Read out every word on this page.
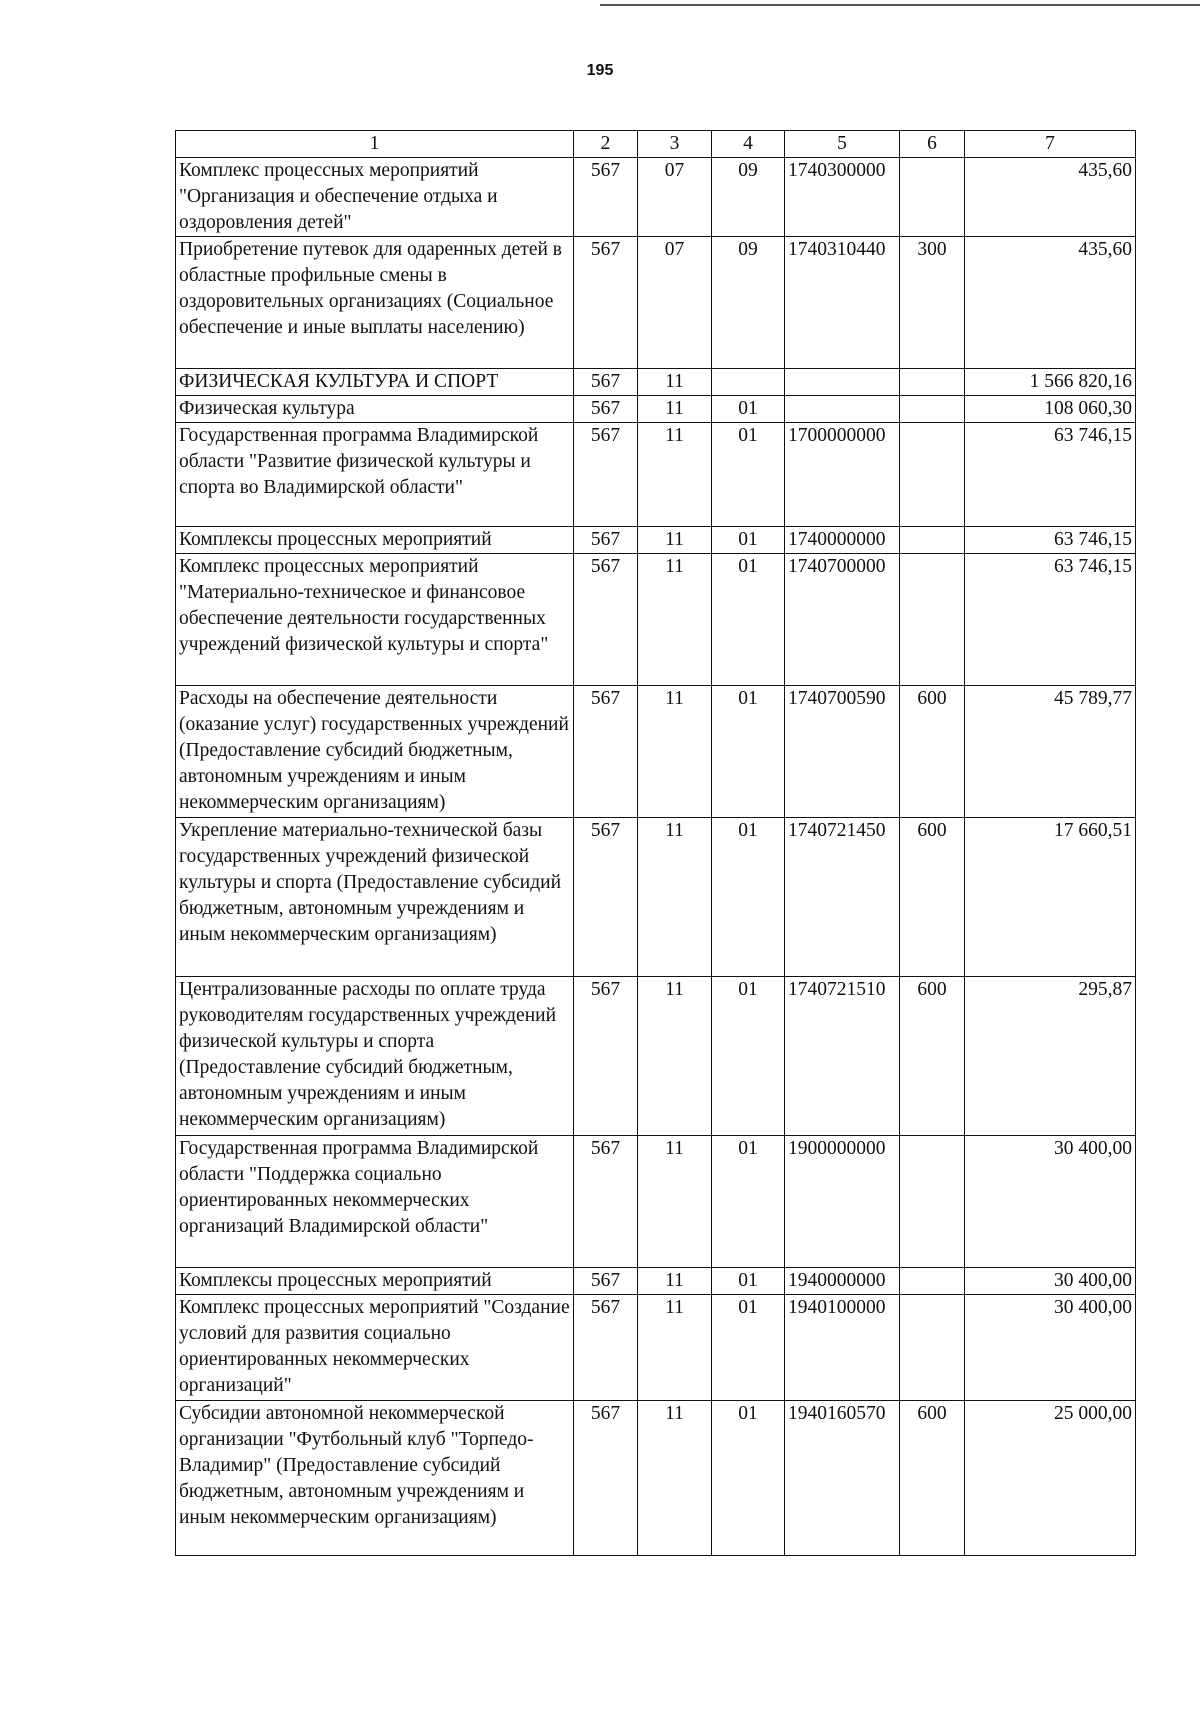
195
1	2	3	4	5	6	7
Комплекс процессных мероприятий "Организация и обеспечение отдыха и оздоровления детей"	567	07	09	1740300000		435,60
Приобретение путевок для одаренных детей в областные профильные смены в оздоровительных организациях (Социальное обеспечение и иные выплаты населению)	567	07	09	1740310440	300	435,60
ФИЗИЧЕСКАЯ КУЛЬТУРА И СПОРТ	567	11				1 566 820,16
Физическая культура	567	11	01			108 060,30
Государственная программа Владимирской области "Развитие физической культуры и спорта во Владимирской области"	567	11	01	1700000000		63 746,15
Комплексы процессных мероприятий	567	11	01	1740000000		63 746,15
Комплекс процессных мероприятий "Материально-техническое и финансовое обеспечение деятельности государственных учреждений физической культуры и спорта"	567	11	01	1740700000		63 746,15
Расходы на обеспечение деятельности (оказание услуг) государственных учреждений (Предоставление субсидий бюджетным, автономным учреждениям и иным некоммерческим организациям)	567	11	01	1740700590	600	45 789,77
Укрепление материально-технической базы государственных учреждений физической культуры и спорта (Предоставление субсидий бюджетным, автономным учреждениям и иным некоммерческим организациям)	567	11	01	1740721450	600	17 660,51
Централизованные расходы по оплате труда руководителям государственных учреждений физической культуры и спорта (Предоставление субсидий бюджетным, автономным учреждениям и иным некоммерческим организациям)	567	11	01	1740721510	600	295,87
Государственная программа Владимирской области "Поддержка социально ориентированных некоммерческих организаций Владимирской области"	567	11	01	1900000000		30 400,00
Комплексы процессных мероприятий	567	11	01	1940000000		30 400,00
Комплекс процессных мероприятий "Создание условий для развития социально ориентированных некоммерческих организаций"	567	11	01	1940100000		30 400,00
Субсидии автономной некоммерческой организации "Футбольный клуб "Торпедо-Владимир" (Предоставление субсидий бюджетным, автономным учреждениям и иным некоммерческим организациям)	567	11	01	1940160570	600	25 000,00
